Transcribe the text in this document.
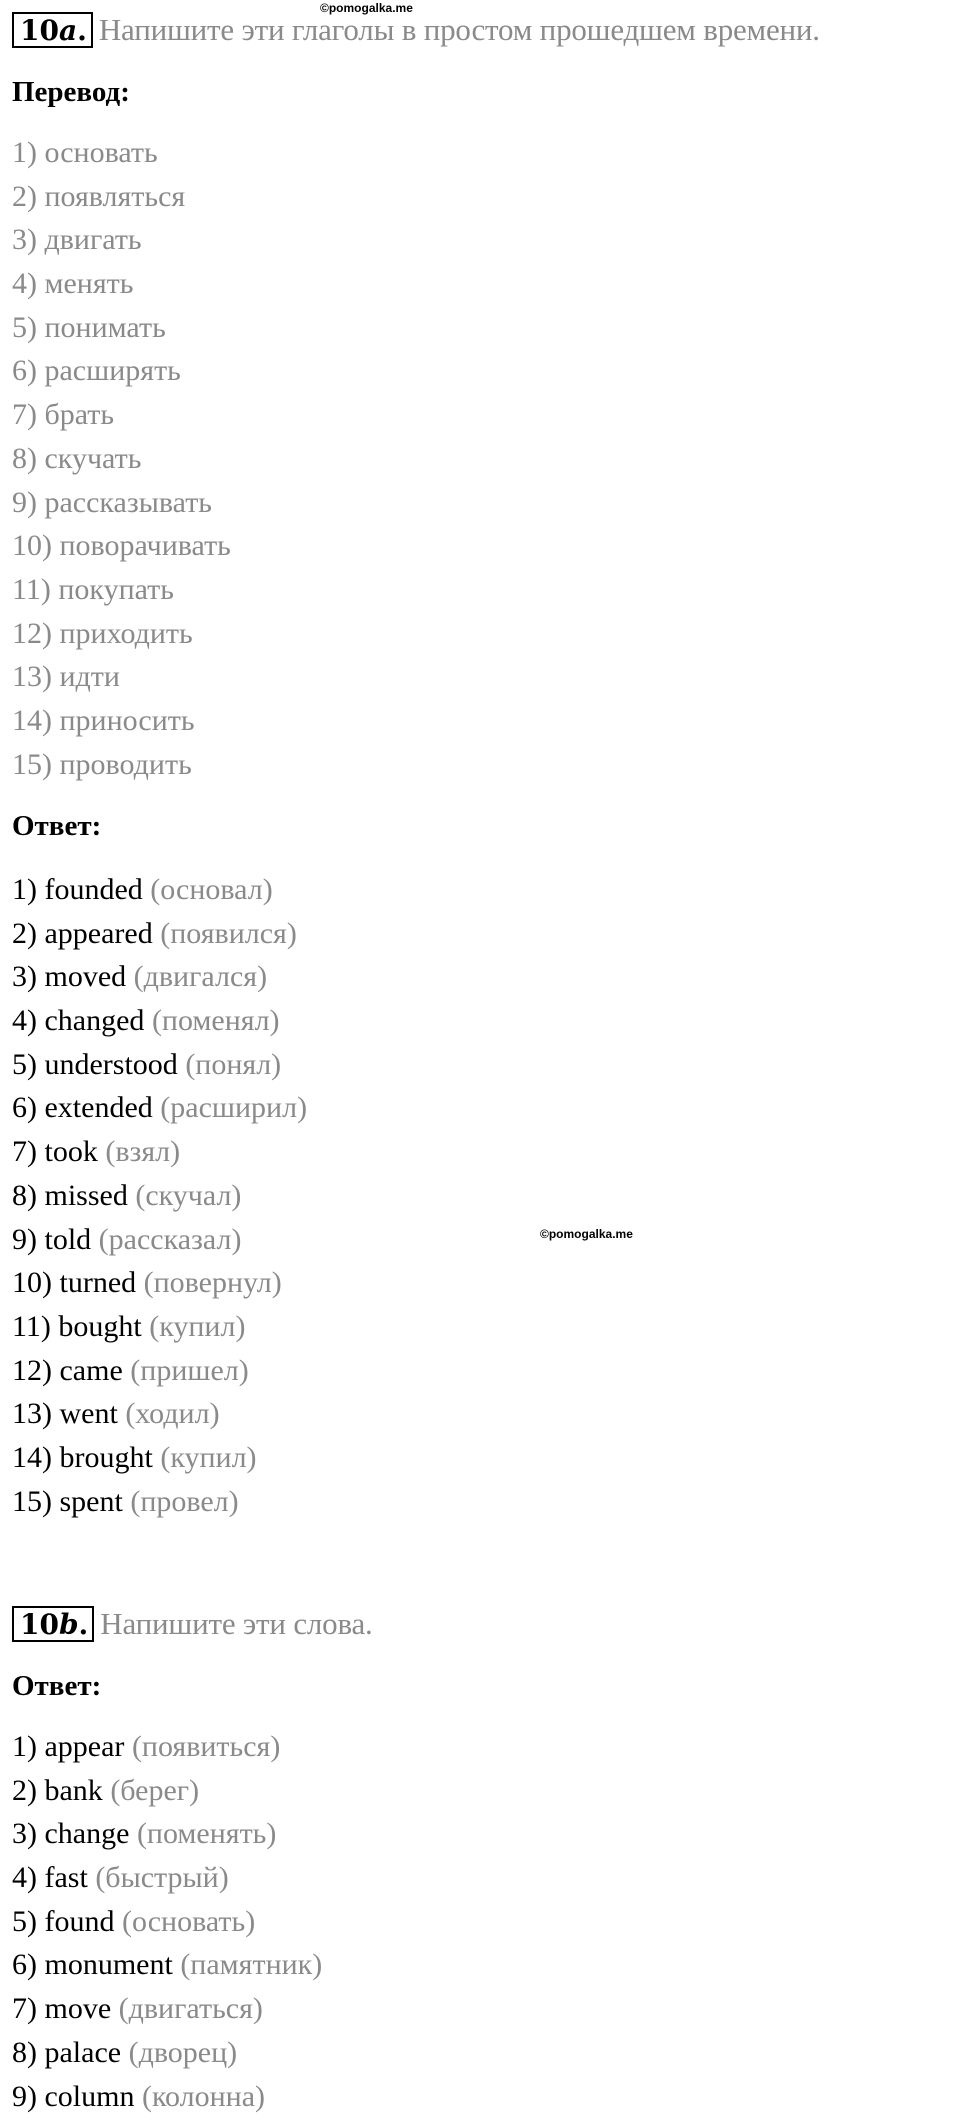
©pomogalka.me
©pomogalka.me
10a. Напишите эти глаголы в простом прошедшем времени.
Перевод:
1) основать
2) появляться
3) двигать
4) менять
5) понимать
6) расширять
7) брать
8) скучать
9) рассказывать
10) поворачивать
11) покупать
12) приходить
13) идти
14) приносить
15) проводить
Ответ:
1) founded (основал)
2) appeared (появился)
3) moved (двигался)
4) changed (поменял)
5) understood (понял)
6) extended (расширил)
7) took (взял)
8) missed (скучал)
9) told (рассказал)
10) turned (повернул)
11) bought (купил)
12) came (пришел)
13) went (ходил)
14) brought (купил)
15) spent (провел)
10b. Напишите эти слова.
Ответ:
1) appear (появиться)
2) bank (берег)
3) change (поменять)
4) fast (быстрый)
5) found (основать)
6) monument (памятник)
7) move (двигаться)
8) palace (дворец)
9) column (колонна)
